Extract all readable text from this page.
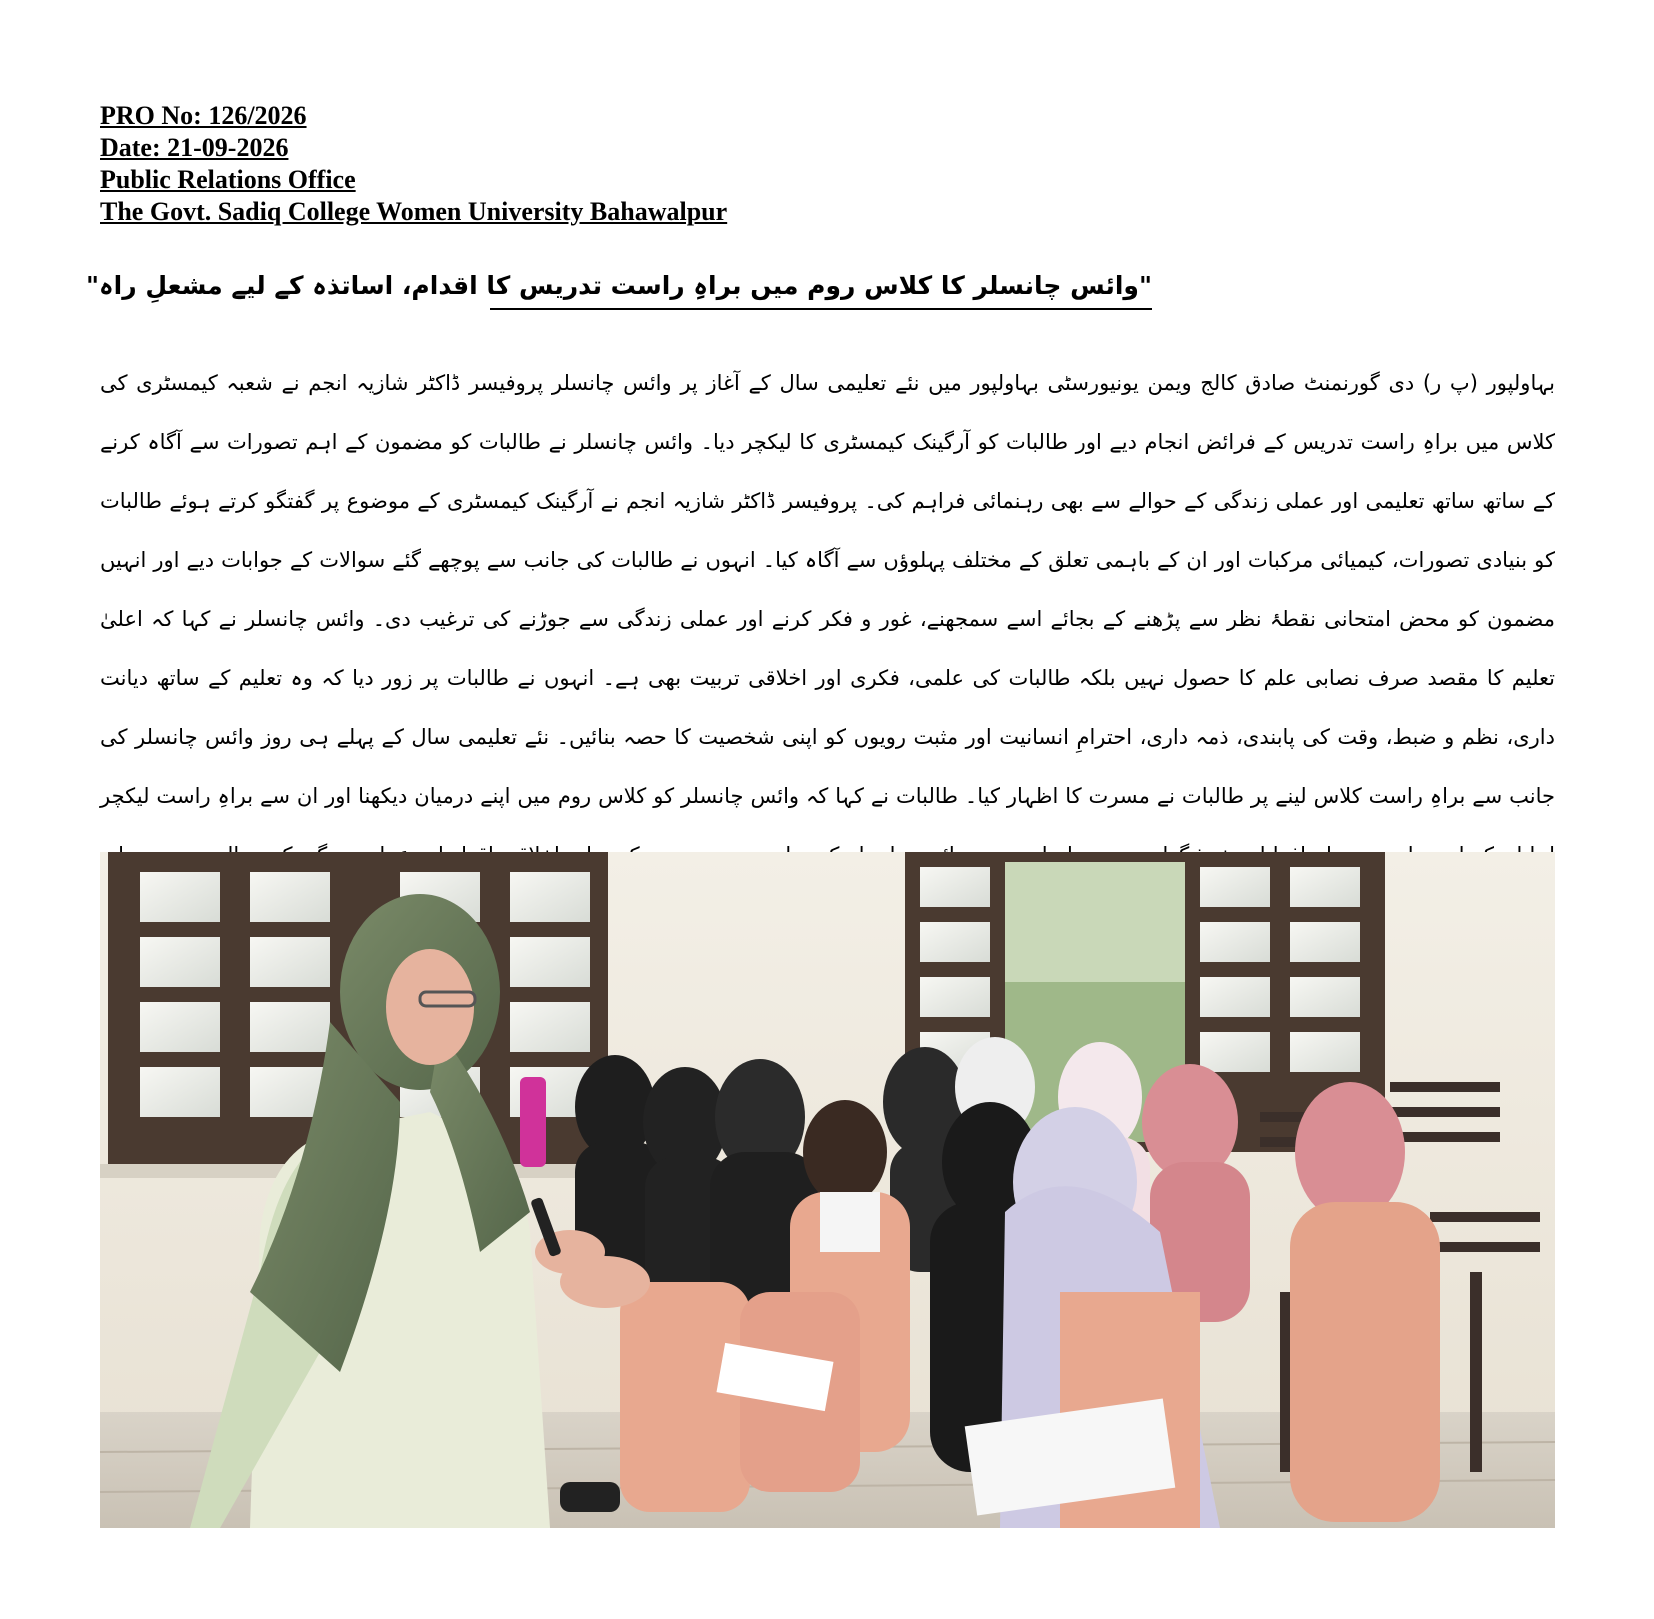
PRO No: 126/2026

Date: 21-09-2026

Public Relations Office

The Govt. Sadiq College Women University Bahawalpur

"وائس چانسلر کا کلاس روم میں براہِ راست تدریس کا اقدام، اساتذہ کے لیے مشعلِ راہ"

بہاولپور (پ ر) دی گورنمنٹ صادق کالج ویمن یونیورسٹی بہاولپور میں نئے تعلیمی سال کے آغاز پر وائس چانسلر پروفیسر ڈاکٹر شازیہ انجم نے شعبہ کیمسٹری کی کلاس میں براہِ راست تدریس کے فرائض انجام دیے اور طالبات کو آرگینک کیمسٹری کا لیکچر دیا۔ وائس چانسلر نے طالبات کو مضمون کے اہم تصورات سے آگاہ کرنے کے ساتھ ساتھ تعلیمی اور عملی زندگی کے حوالے سے بھی رہنمائی فراہم کی۔ پروفیسر ڈاکٹر شازیہ انجم نے آرگینک کیمسٹری کے موضوع پر گفتگو کرتے ہوئے طالبات کو بنیادی تصورات، کیمیائی مرکبات اور ان کے باہمی تعلق کے مختلف پہلوؤں سے آگاہ کیا۔ انہوں نے طالبات کی جانب سے پوچھے گئے سوالات کے جوابات دیے اور انہیں مضمون کو محض امتحانی نقطۂ نظر سے پڑھنے کے بجائے اسے سمجھنے، غور و فکر کرنے اور عملی زندگی سے جوڑنے کی ترغیب دی۔ وائس چانسلر نے کہا کہ اعلیٰ تعلیم کا مقصد صرف نصابی علم کا حصول نہیں بلکہ طالبات کی علمی، فکری اور اخلاقی تربیت بھی ہے۔ انہوں نے طالبات پر زور دیا کہ وہ تعلیم کے ساتھ دیانت داری، نظم و ضبط، وقت کی پابندی، ذمہ داری، احترامِ انسانیت اور مثبت رویوں کو اپنی شخصیت کا حصہ بنائیں۔ نئے تعلیمی سال کے پہلے ہی روز وائس چانسلر کی جانب سے براہِ راست کلاس لینے پر طالبات نے مسرت کا اظہار کیا۔ طالبات نے کہا کہ وائس چانسلر کو کلاس روم میں اپنے درمیان دیکھنا اور ان سے براہِ راست لیکچر
